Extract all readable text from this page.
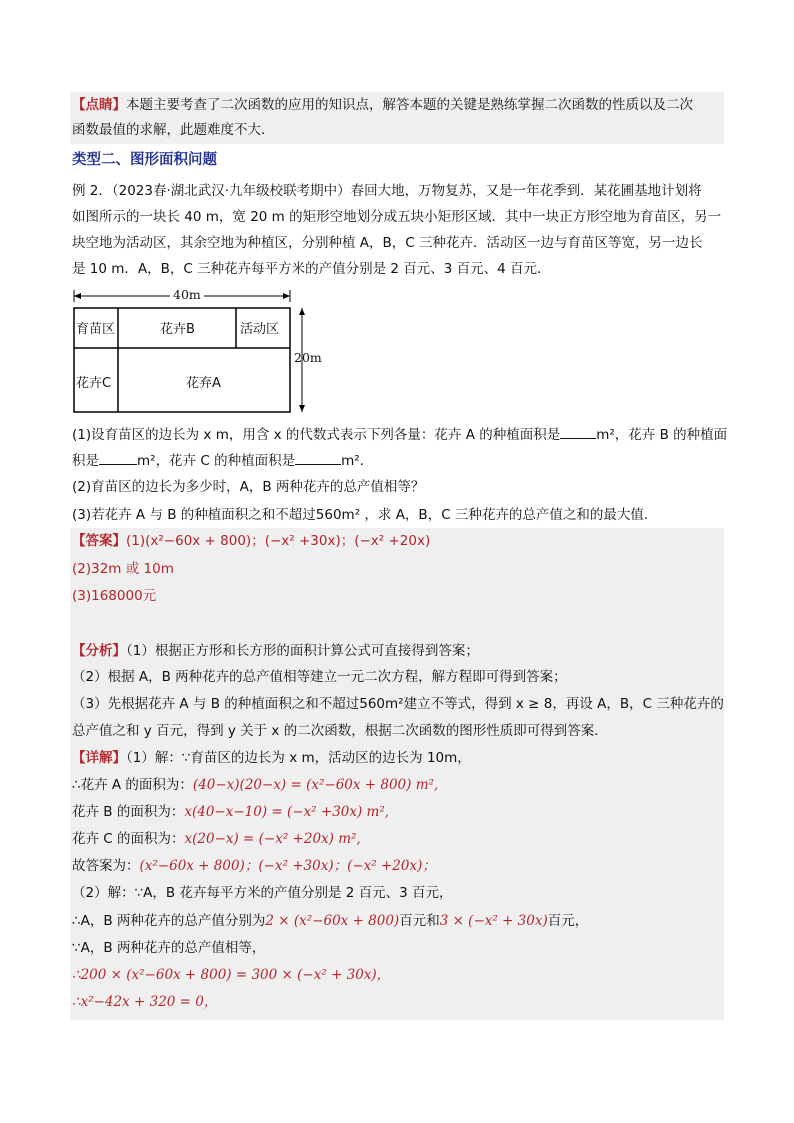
【点睛】本题主要考查了二次函数的应用的知识点，解答本题的关键是熟练掌握二次函数的性质以及二次
函数最值的求解，此题难度不大．
类型二、图形面积问题
例 2．（2023春·湖北武汉·九年级校联考期中）春回大地，万物复苏，又是一年花季到．某花圃基地计划将
如图所示的一块长 40 m，宽 20 m 的矩形空地划分成五块小矩形区域．其中一块正方形空地为育苗区，另一
块空地为活动区，其余空地为种植区，分别种植 A，B，C 三种花卉．活动区一边与育苗区等宽，另一边长
是 10 m．A，B，C 三种花卉每平方米的产值分别是 2 百元、3 百元、4 百元．
40m
20m
育苗区	花卉B	活动区
花卉C	花弃A
(1)设育苗区的边长为 x m，用含 x 的代数式表示下列各量：花卉 A 的种植面积是	m²，花卉 B 的种植面
积是	m²，花卉 C 的种植面积是	m².
(2)育苗区的边长为多少时，A，B 两种花卉的总产值相等？
(3)若花卉 A 与 B 的种植面积之和不超过560m² ，求 A，B，C 三种花卉的总产值之和的最大值．
【答案】(1)(x²−60x + 800)；(−x² +30x)；(−x² +20x)
(2)32m 或 10m
(3)168000元
【分析】（1）根据正方形和长方形的面积计算公式可直接得到答案；
（2）根据 A，B 两种花卉的总产值相等建立一元二次方程，解方程即可得到答案；
（3）先根据花卉 A 与 B 的种植面积之和不超过560m²建立不等式，得到 x ≥ 8，再设 A，B，C 三种花卉的
总产值之和 y 百元，得到 y 关于 x 的二次函数，根据二次函数的图形性质即可得到答案．
【详解】（1）解：∵育苗区的边长为 x m，活动区的边长为 10m，
∴花卉 A 的面积为：(40−x)(20−x) = (x²−60x + 800) m²,
花卉 B 的面积为：x(40−x−10) = (−x² +30x) m²,
花卉 C 的面积为：x(20−x) = (−x² +20x) m²,
故答案为：(x²−60x + 800)；(−x² +30x)；(−x² +20x)；
（2）解：∵A，B 花卉每平方米的产值分别是 2 百元、3 百元，
∴A，B 两种花卉的总产值分别为2 × (x²−60x + 800)百元和3 × (−x² + 30x)百元，
∵A，B 两种花卉的总产值相等，
∴200 × (x²−60x + 800) = 300 × (−x² + 30x)，
∴x²−42x + 320 = 0，
